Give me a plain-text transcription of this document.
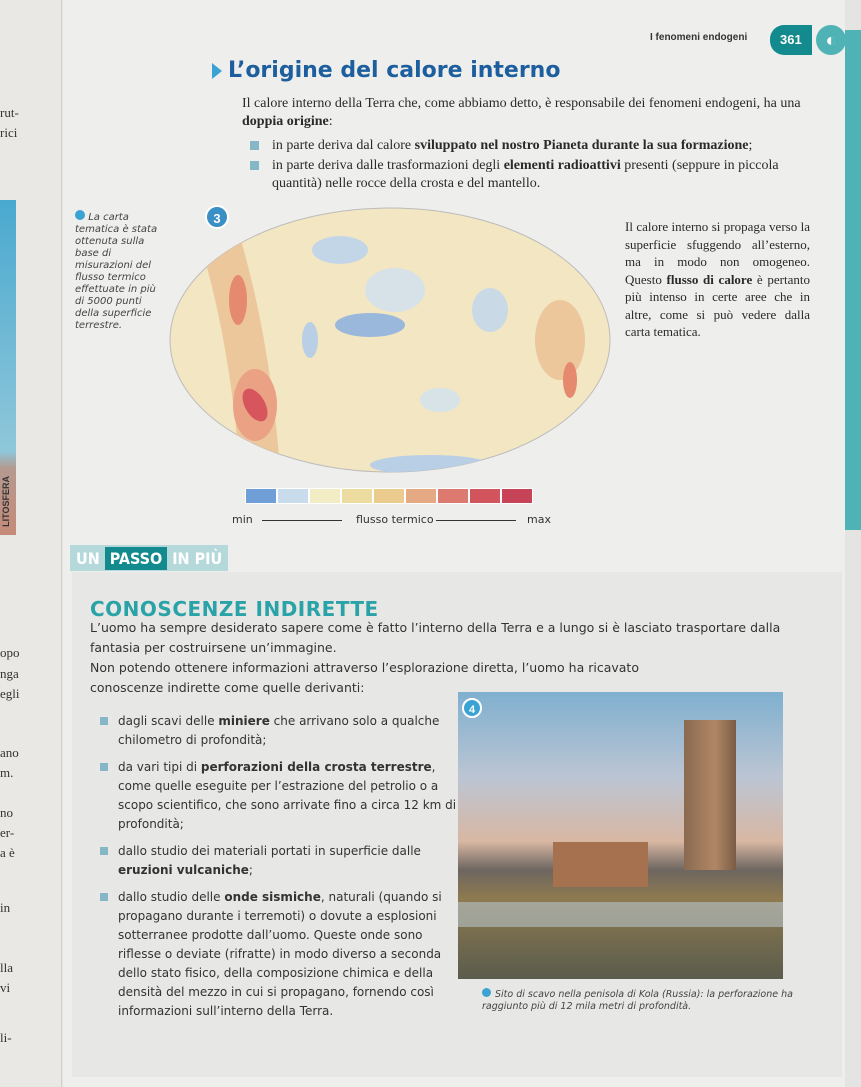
LITOSFERA
rut-
rici
opo
nga
egli
ano
m.
no
er-
a è
in
lla
vi
li-
I fenomeni endogeni	361	◐
L’origine del calore interno
Il calore interno della Terra che, come abbiamo detto, è responsabile dei fenomeni endogeni, ha una doppia origine:
in parte deriva dal calore sviluppato nel nostro Pianeta durante la sua formazione;
in parte deriva dalle trasformazioni degli elementi radioattivi presenti (seppure in piccola quantità) nelle rocce della crosta e del mantello.
La carta tematica è stata ottenuta sulla base di misurazioni del flusso termico effettuate in più di 5000 punti della superficie terrestre.
3
Il calore interno si propaga verso la superficie sfuggendo all’esterno, ma in modo non omogeneo. Questo flusso di calore è pertanto più intenso in certe aree che in altre, come si può vedere dalla carta tematica.
min	flusso termico	max
UN PASSO IN PIÙ
CONOSCENZE INDIRETTE
L’uomo ha sempre desiderato sapere come è fatto l’interno della Terra e a lungo si è lasciato trasportare dalla fantasia per costruirsene un’immagine.
Non potendo ottenere informazioni attraverso l’esplorazione diretta, l’uomo ha ricavato conoscenze indirette come quelle derivanti:
dagli scavi delle miniere che arrivano solo a qualche chilometro di profondità;
da vari tipi di perforazioni della crosta terrestre, come quelle eseguite per l’estrazione del petrolio o a scopo scientifico, che sono arrivate fino a circa 12 km di profondità;
dallo studio dei materiali portati in superficie dalle eruzioni vulcaniche;
dallo studio delle onde sismiche, naturali (quando si propagano durante i terremoti) o dovute a esplosioni sotterranee prodotte dall’uomo. Queste onde sono riflesse o deviate (rifratte) in modo diverso a seconda dello stato fisico, della composizione chimica e della densità del mezzo in cui si propagano, fornendo così informazioni sull’interno della Terra.
4
Sito di scavo nella penisola di Kola (Russia): la perforazione ha raggiunto più di 12 mila metri di profondità.
